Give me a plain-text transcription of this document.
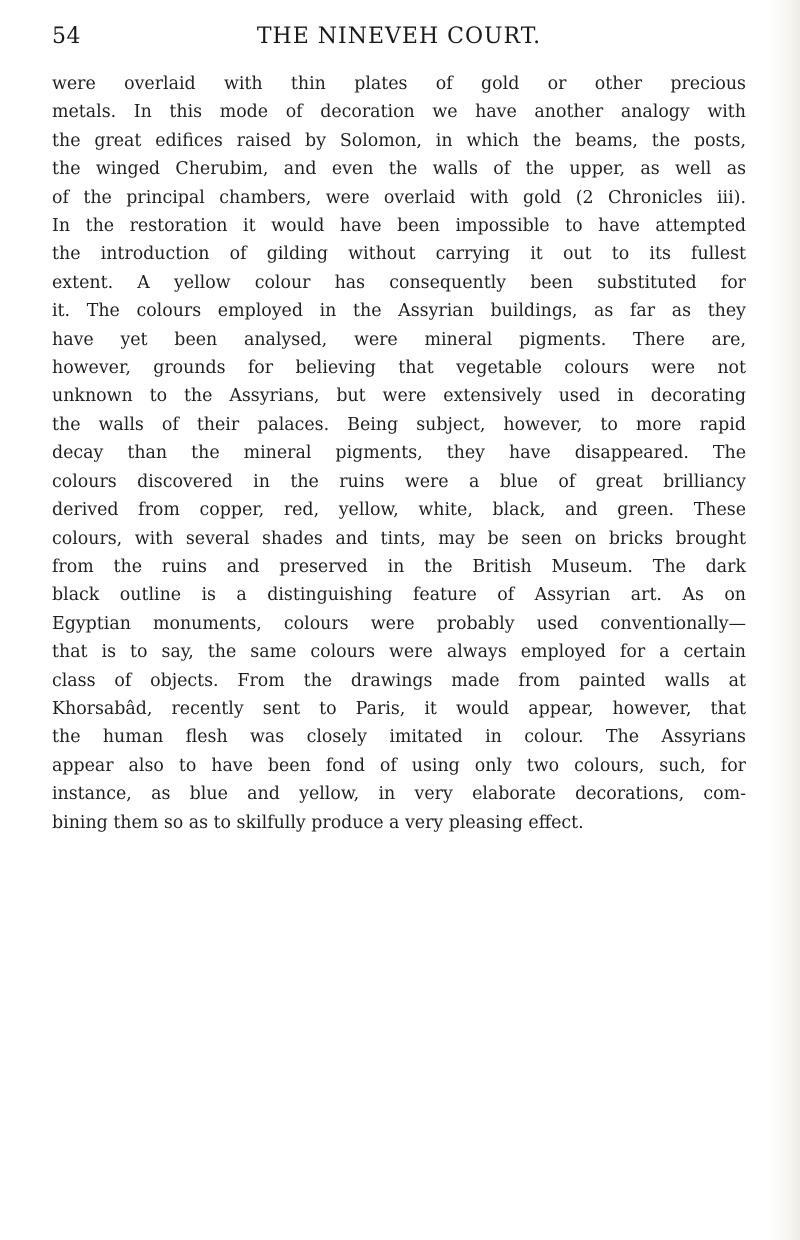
54	THE NINEVEH COURT.

were overlaid with thin plates of gold or other precious
metals. In this mode of decoration we have another analogy with
the great edifices raised by Solomon, in which the beams, the posts,
the winged Cherubim, and even the walls of the upper, as well as
of the principal chambers, were overlaid with gold (2 Chronicles iii).
In the restoration it would have been impossible to have attempted
the introduction of gilding without carrying it out to its fullest
extent. A yellow colour has consequently been substituted for
it. The colours employed in the Assyrian buildings, as far as they
have yet been analysed, were mineral pigments. There are,
however, grounds for believing that vegetable colours were not
unknown to the Assyrians, but were extensively used in decorating
the walls of their palaces. Being subject, however, to more rapid
decay than the mineral pigments, they have disappeared. The
colours discovered in the ruins were a blue of great brilliancy
derived from copper, red, yellow, white, black, and green. These
colours, with several shades and tints, may be seen on bricks brought
from the ruins and preserved in the British Museum. The dark
black outline is a distinguishing feature of Assyrian art. As on
Egyptian monuments, colours were probably used conventionally—
that is to say, the same colours were always employed for a certain
class of objects. From the drawings made from painted walls at
Khorsabâd, recently sent to Paris, it would appear, however, that
the human flesh was closely imitated in colour. The Assyrians
appear also to have been fond of using only two colours, such, for
instance, as blue and yellow, in very elaborate decorations, com-
bining them so as to skilfully produce a very pleasing effect.
